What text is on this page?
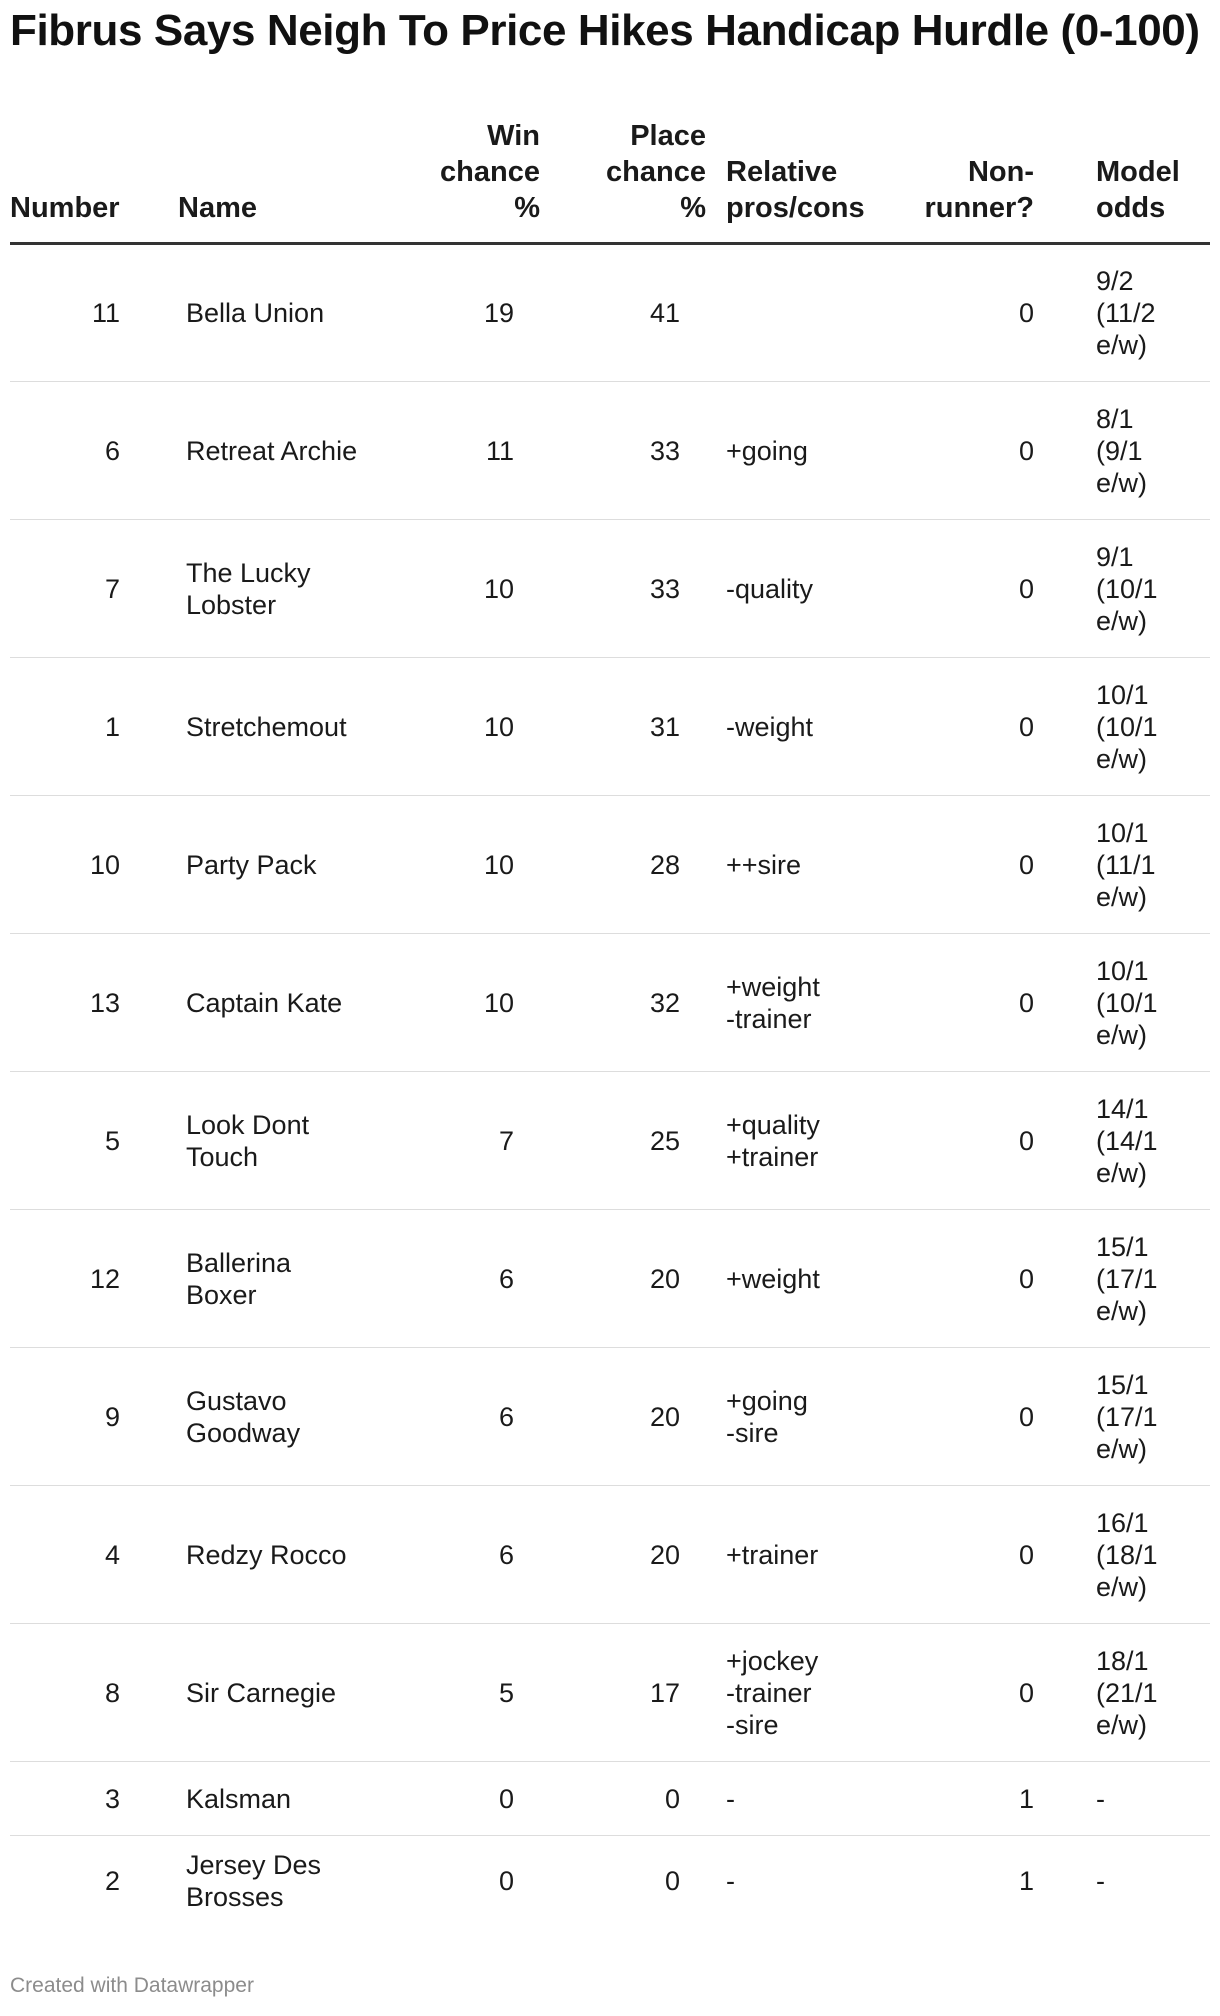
Fibrus Says Neigh To Price Hikes Handicap Hurdle (0-100)
Number	Name	Win
chance
%	Place
chance
%	Relative
pros/cons	Non-
runner?	Model
odds

11	Bella Union	19	41		0	9/2
(11/2
e/w)

6	Retreat Archie	11	33	+going	0	8/1
(9/1
e/w)

7	The Lucky Lobster	10	33	-quality	0	9/1
(10/1
e/w)

1	Stretchemout	10	31	-weight	0	10/1
(10/1
e/w)

10	Party Pack	10	28	++sire	0	10/1
(11/1
e/w)

13	Captain Kate	10	32	+weight
-trainer	0	10/1
(10/1
e/w)

5	Look Dont Touch	7	25	+quality
+trainer	0	14/1
(14/1
e/w)

12	Ballerina Boxer	6	20	+weight	0	15/1
(17/1
e/w)

9	Gustavo Goodway	6	20	+going
-sire	0	15/1
(17/1
e/w)

4	Redzy Rocco	6	20	+trainer	0	16/1
(18/1
e/w)

8	Sir Carnegie	5	17	+jockey
-trainer
-sire	0	18/1
(21/1
e/w)

3	Kalsman	0	0	-	1	-

2	Jersey Des Brosses	0	0	-	1	-
Created with Datawrapper
